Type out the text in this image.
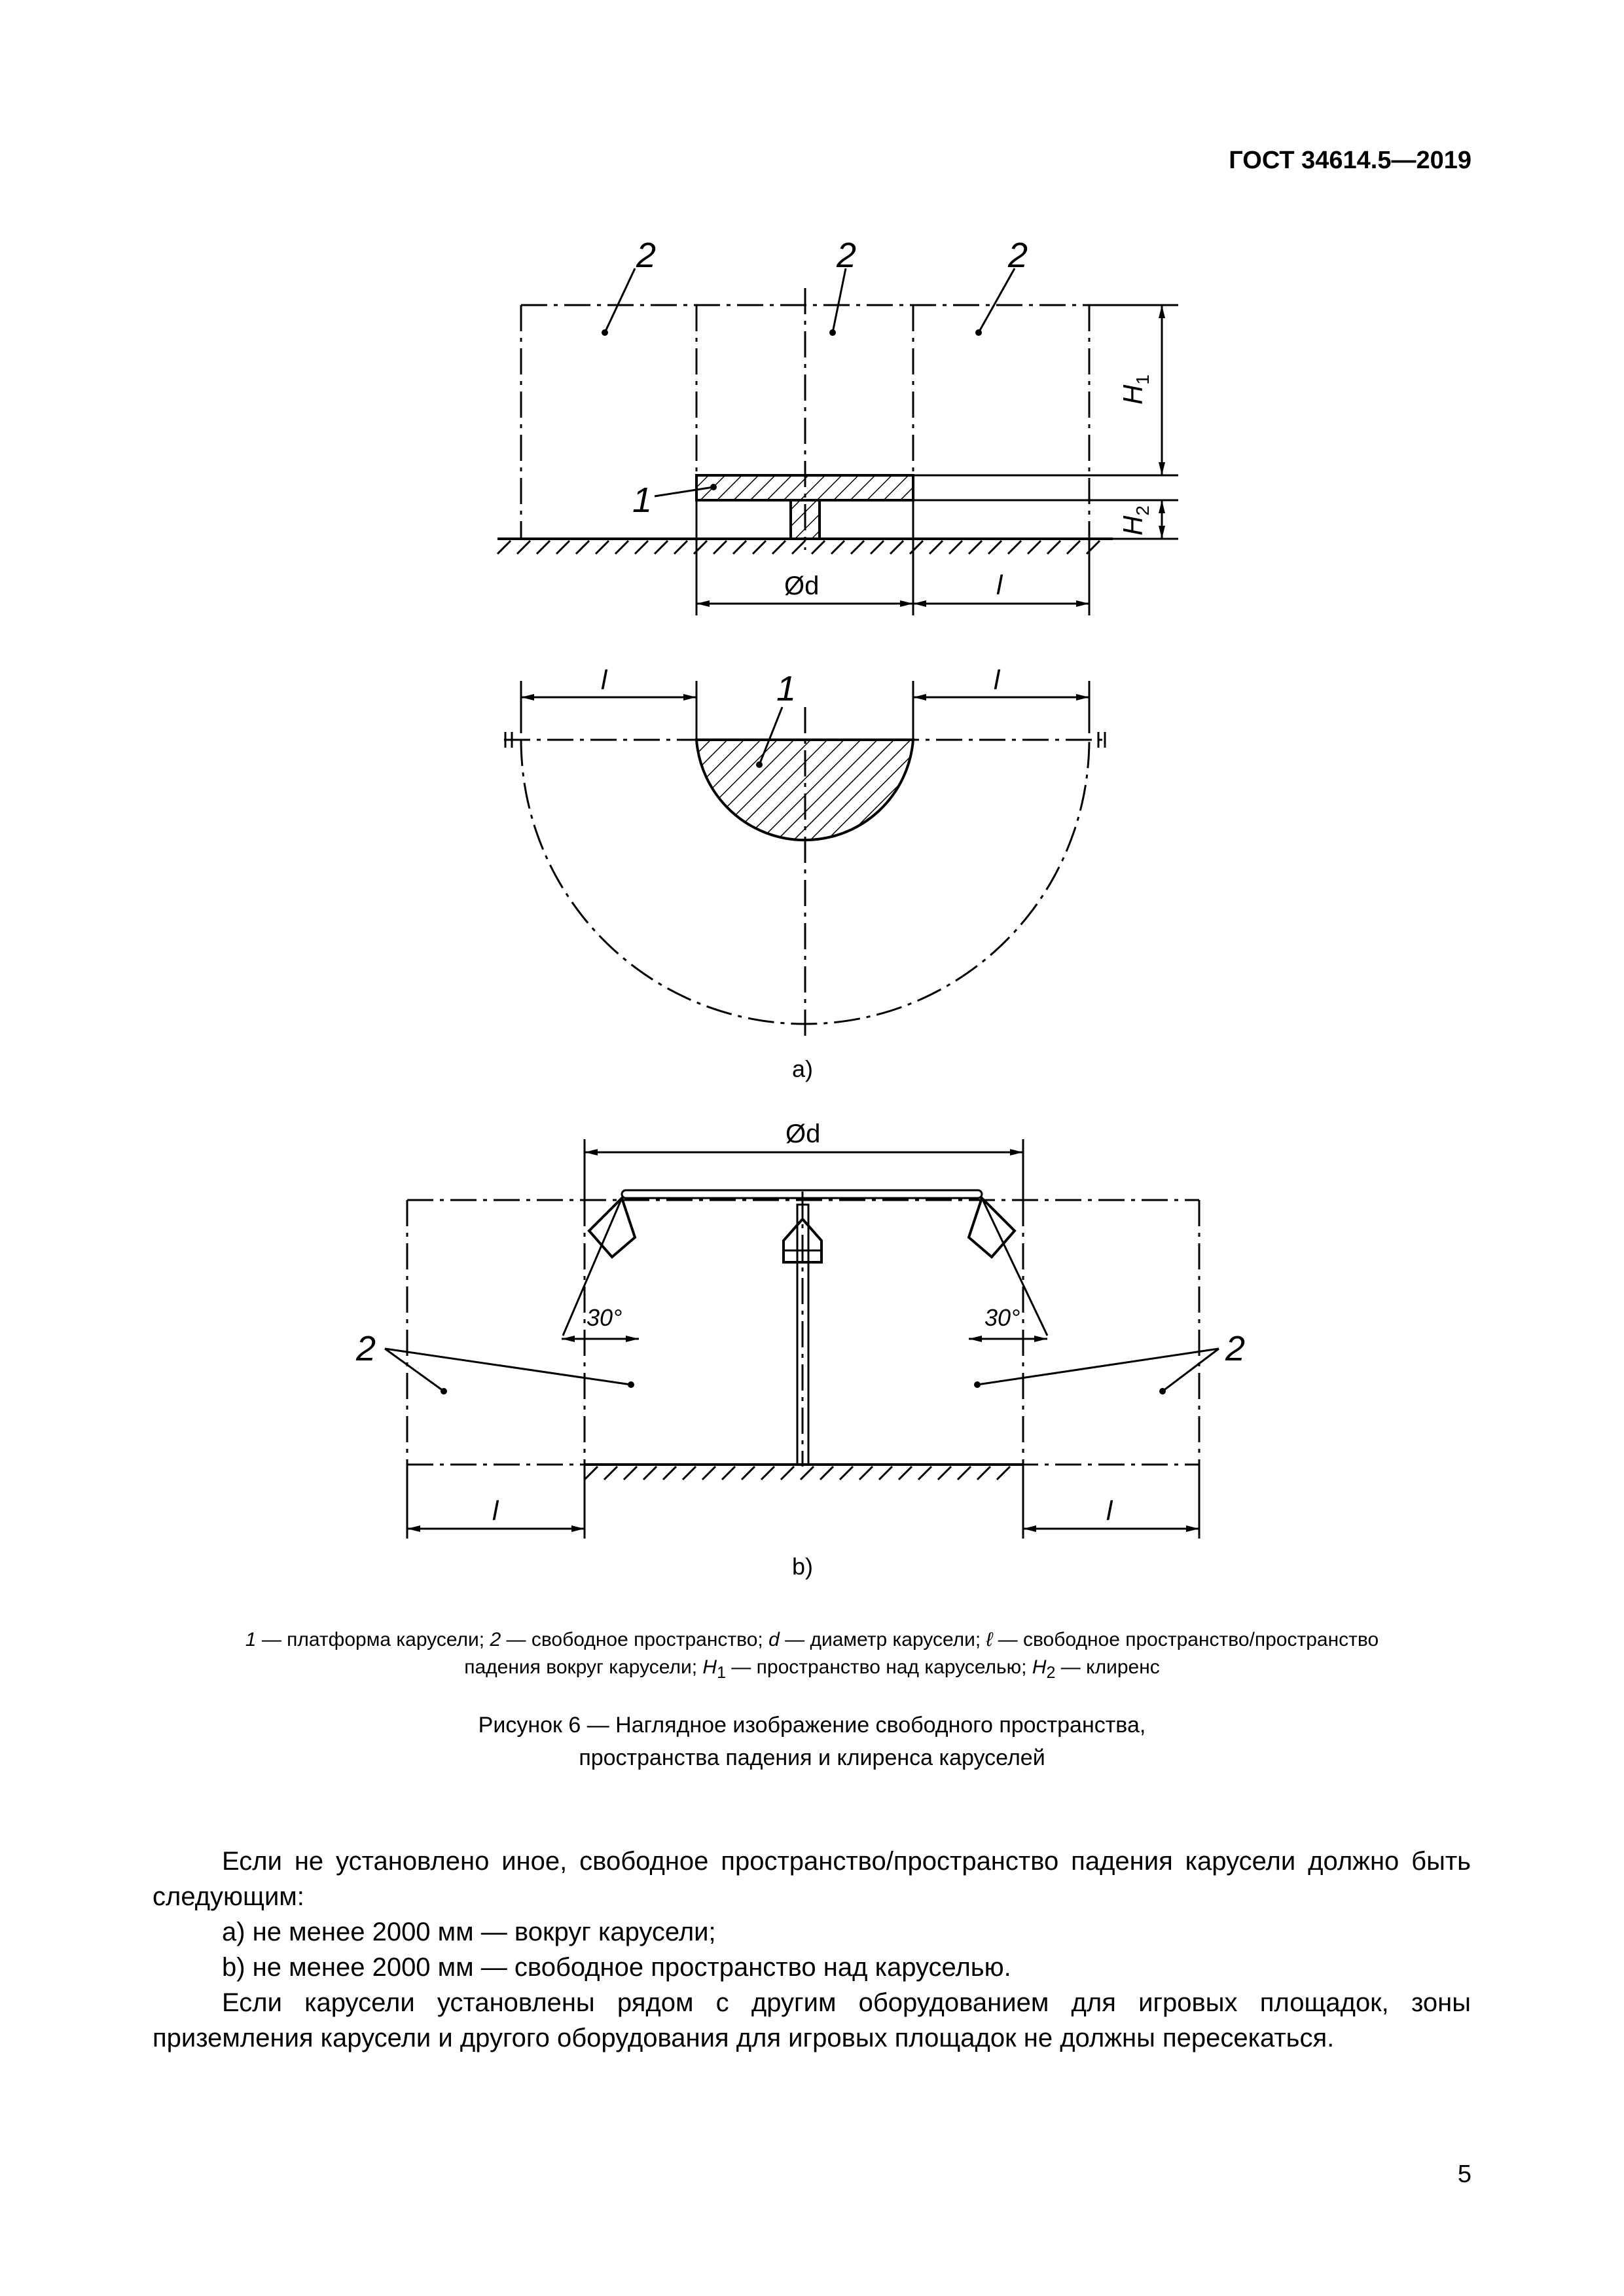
ГОСТ 34614.5—2019
2	2	2
1
Ød	l
$H_1$
$H_2$
l	l
1
a)
Ød
30°	30°
2	2
l	l
b)
1 — платформа карусели; 2 — свободное пространство; d — диаметр карусели; ℓ — свободное пространство/пространство
падения вокруг карусели; $H_1$ — пространство над каруселью; $H_2$ — клиренс
Рисунок 6 — Наглядное изображение свободного пространства,
пространства падения и клиренса каруселей

Если не установлено иное, свободное пространство/пространство падения карусели должно быть следующим:

a) не менее 2000 мм — вокруг карусели;

b) не менее 2000 мм — свободное пространство над каруселью.

Если карусели установлены рядом с другим оборудованием для игровых площадок, зоны приземления карусели и другого оборудования для игровых площадок не должны пересекаться.

5
